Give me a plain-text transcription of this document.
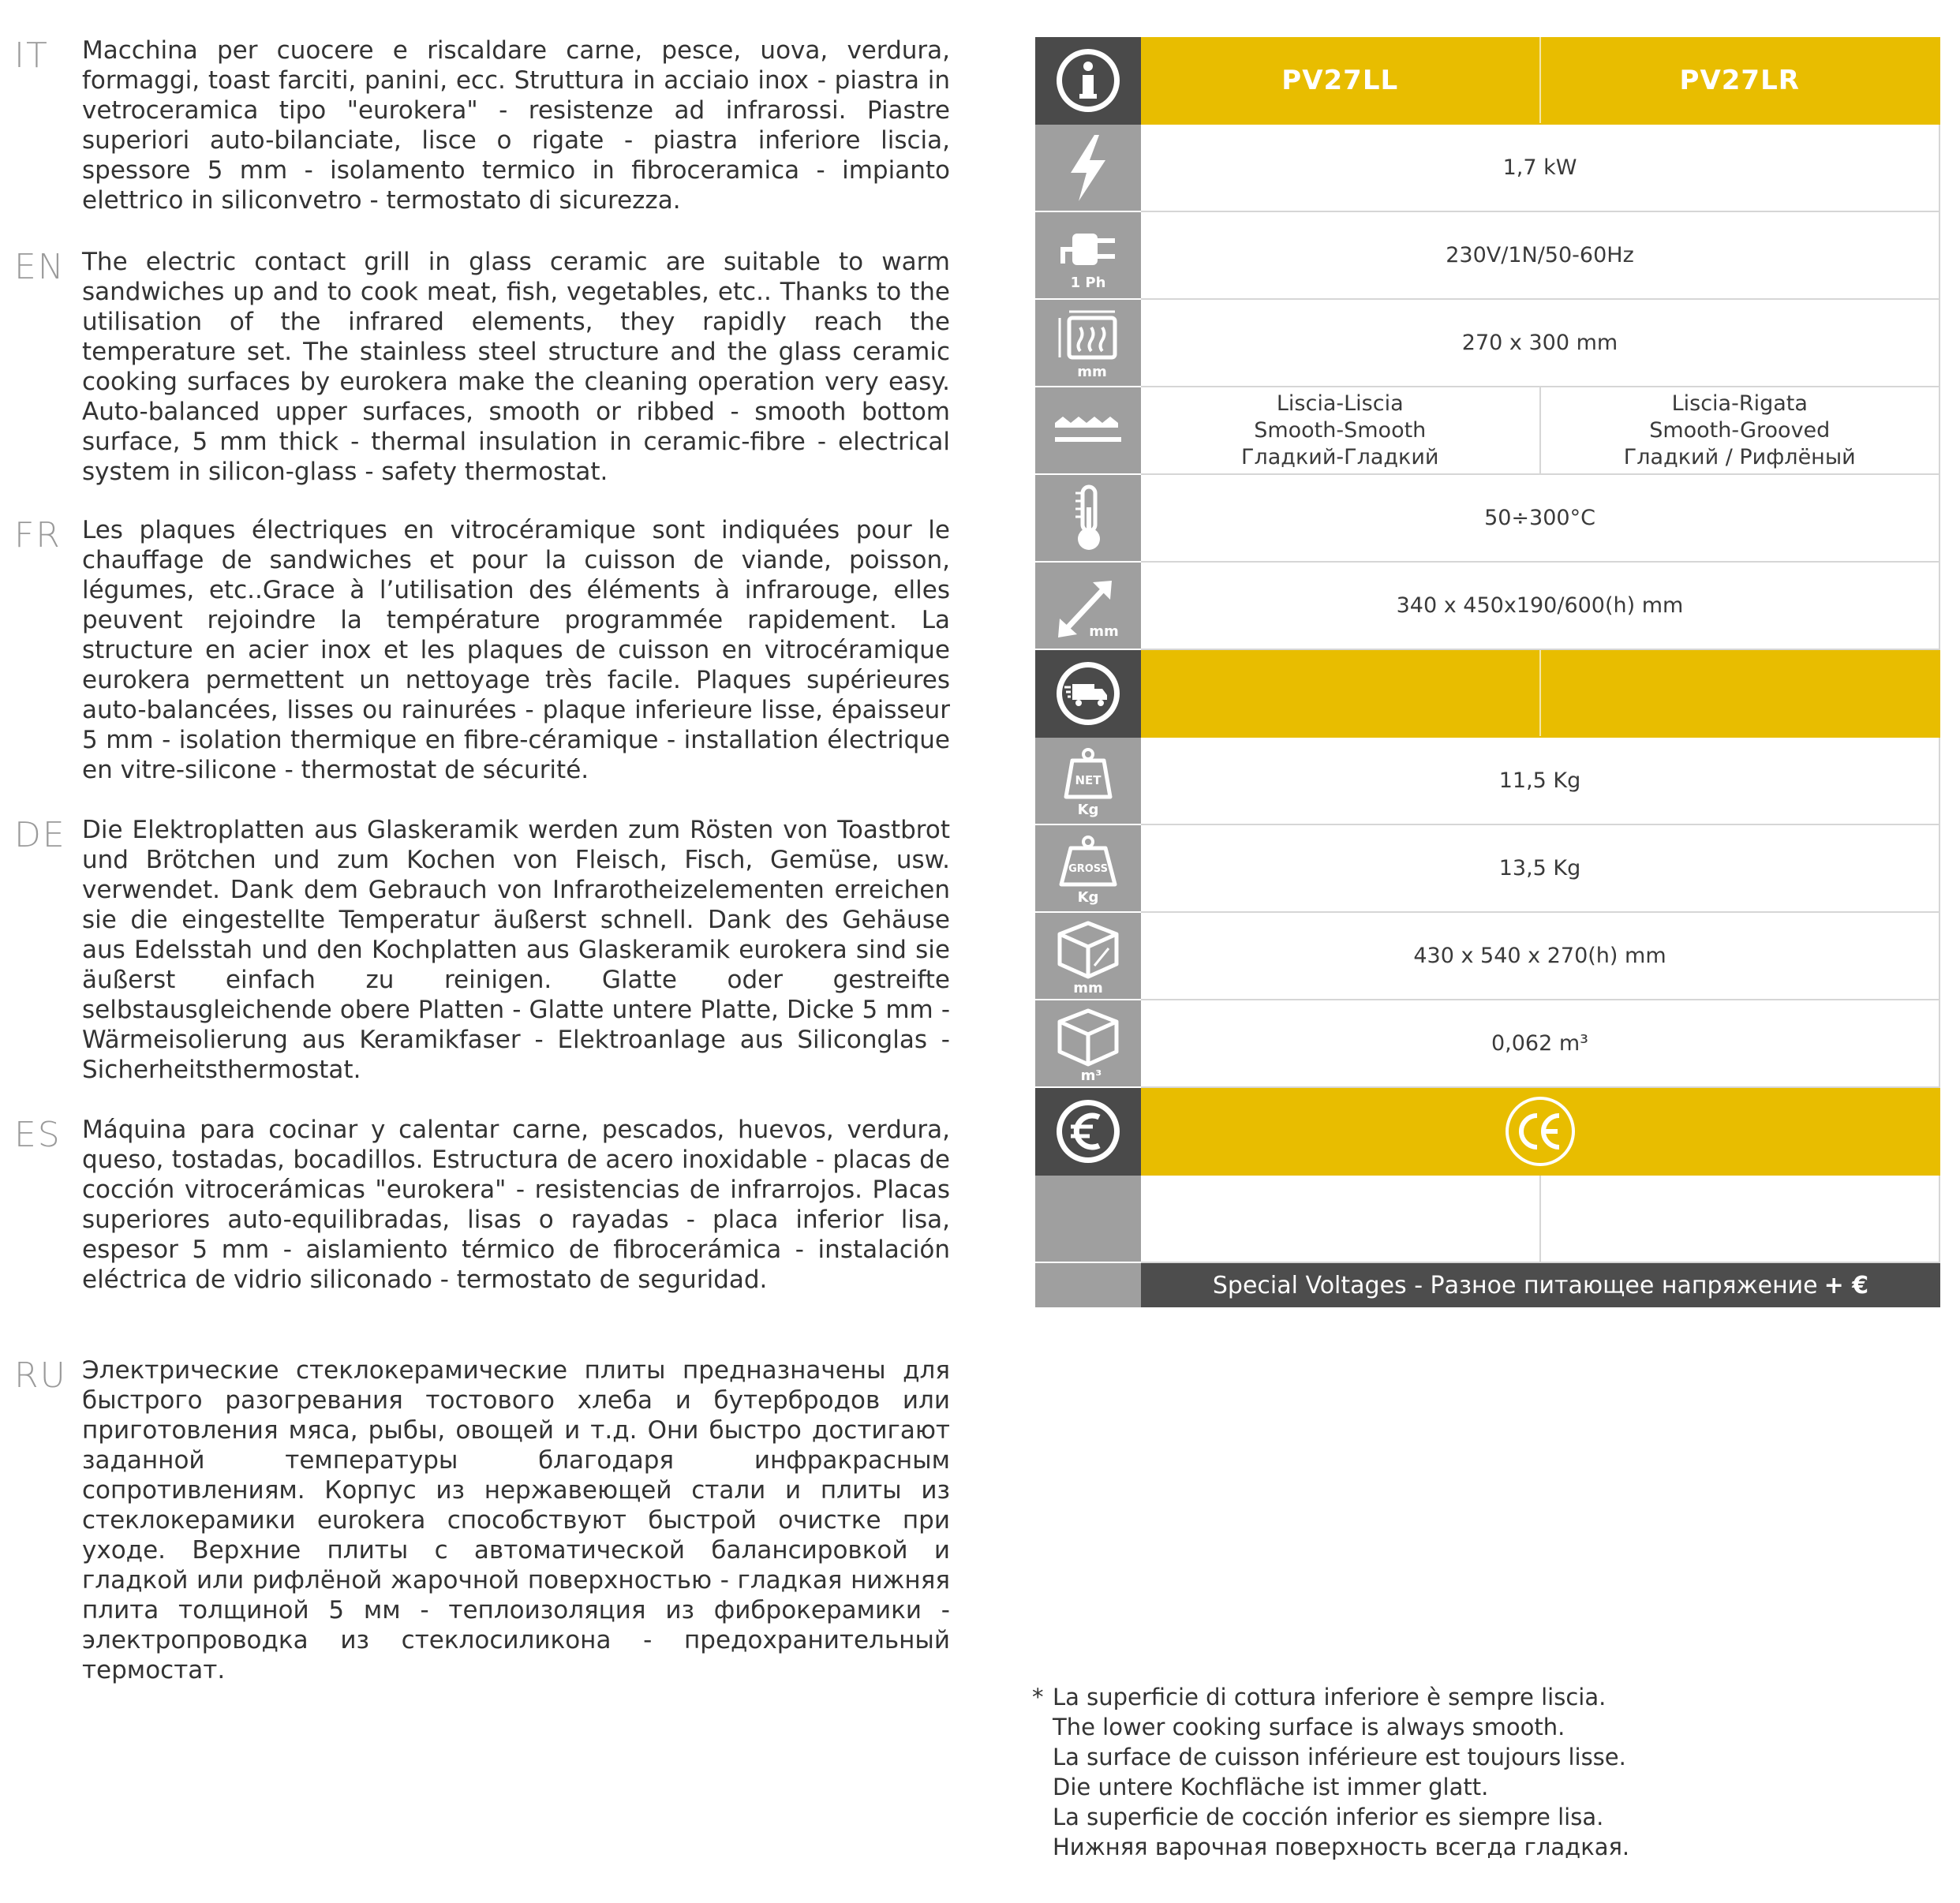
IT	Macchina per cuocere e riscaldare carne, pesce, uova, verdura, formaggi, toast farciti, panini, ecc. Struttura in acciaio inox - piastra in vetroceramica tipo "eurokera" - resistenze ad infrarossi. Piastre superiori auto-bilanciate, lisce o rigate - piastra inferiore liscia, spessore 5 mm - isolamento termico in fibroceramica - impianto elettrico in siliconvetro - termostato di sicurezza.
EN The electric contact grill in glass ceramic are suitable to warm sandwiches up and to cook meat, fish, vegetables, etc.. Thanks to the utilisation of the infrared elements, they rapidly reach the temperature set. The stainless steel structure and the glass ceramic cooking surfaces by eurokera make the cleaning operation very easy. Auto-balanced upper surfaces, smooth or ribbed - smooth bottom surface, 5 mm thick - thermal insulation in ceramic-fibre - electrical system in silicon-glass - safety thermostat.
FR Les plaques électriques en vitrocéramique sont indiquées pour le chauffage de sandwiches et pour la cuisson de viande, poisson, légumes, etc..Grace à l’utilisation des éléments à infrarouge, elles peuvent rejoindre la température programmée rapidement. La structure en acier inox et les plaques de cuisson en vitrocéramique eurokera permettent un nettoyage très facile. Plaques supérieures auto-balancées, lisses ou rainurées - plaque inferieure lisse, épaisseur 5 mm - isolation thermique en fibre-céramique - installation électrique en vitre-silicone - thermostat de sécurité.
DE Die Elektroplatten aus Glaskeramik werden zum Rösten von Toastbrot und Brötchen und zum Kochen von Fleisch, Fisch, Gemüse, usw. verwendet. Dank dem Gebrauch von Infrarotheizelementen erreichen sie die eingestellte Temperatur äußerst schnell. Dank des Gehäuse aus Edelsstah und den Kochplatten aus Glaskeramik eurokera sind sie äußerst einfach zu reinigen. Glatte oder gestreifte selbstausgleichende obere Platten - Glatte untere Platte, Dicke 5 mm - Wärmeisolierung aus Keramikfaser - Elektroanlage aus Siliconglas - Sicherheitsthermostat.
ES Máquina para cocinar y calentar carne, pescados, huevos, verdura, queso, tostadas, bocadillos. Estructura de acero inoxidable - placas de cocción vitrocerámicas "eurokera" - resistencias de infrarrojos. Placas superiores auto-equilibradas, lisas o rayadas - placa inferior lisa, espesor 5 mm - aislamiento térmico de fibrocerámica - instalación eléctrica de vidrio siliconado - termostato de seguridad.
RU Электрические стеклокерамические плиты предназначены для быстрого разогревания тостового хлеба и бутербродов или приготовления мяса, рыбы, овощей и т.д. Они быстро достигают заданной температуры благодаря инфракрасным сопротивлениям. Корпус из нержавеющей стали и плиты из стеклокерамики eurokera способствуют быстрой очистке при уходе. Верхние плиты с автоматической балансировкой и гладкой или рифлёной жарочной поверхностью - гладкая нижняя плита толщиной 5 мм - теплоизоляция из фиброкерамики - электропроводка из стеклосиликона - предохранительный термостат.
PV27LL	PV27LR
1,7 kW
1 Ph
230V/1N/50-60Hz
mm
270 x 300 mm
Liscia-Liscia
Smooth-Smooth
Гладкий-Гладкий
Liscia-Rigata
Smooth-Grooved
Гладкий / Рифлёный
50÷300°C
mm
340 x 450x190/600(h) mm
NET
Kg
11,5 Kg
GROSS
Kg
13,5 Kg
mm
430 x 540 x 270(h) mm
m³
0,062 m³
Special Voltages - Разное питающее напряжение + €
* La superficie di cottura inferiore è sempre liscia.
The lower cooking surface is always smooth.
La surface de cuisson inférieure est toujours lisse.
Die untere Kochfläche ist immer glatt.
La superficie de cocción inferior es siempre lisa.
Нижняя варочная поверхность всегда гладкая.
